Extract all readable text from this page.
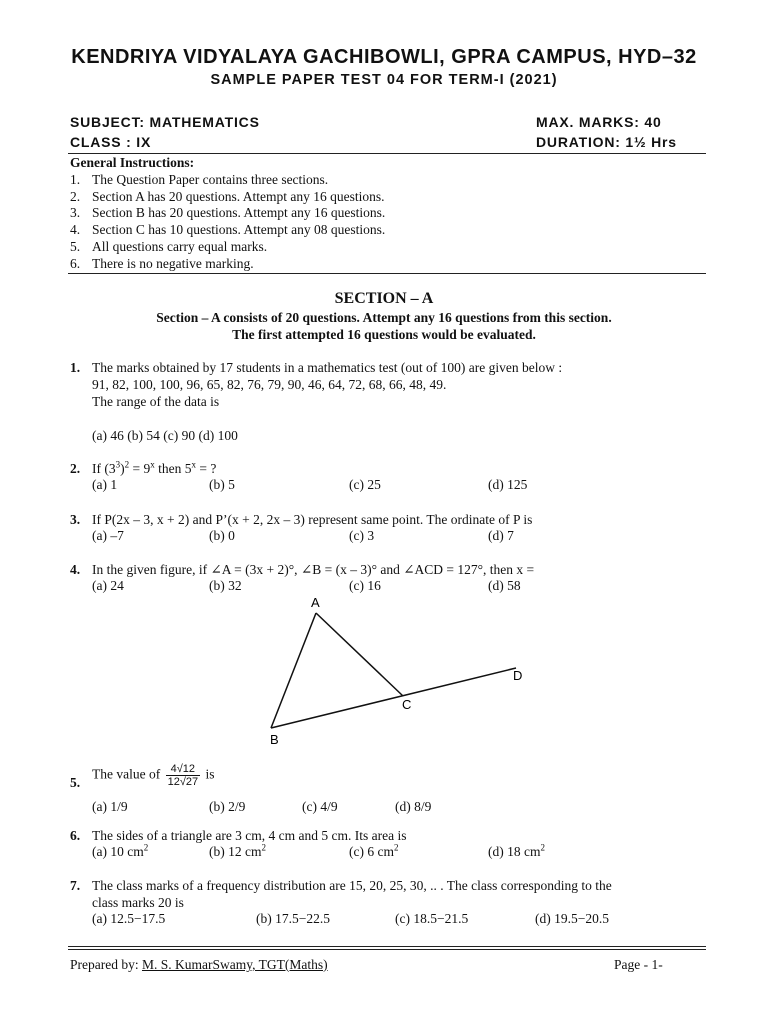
KENDRIYA VIDYALAYA GACHIBOWLI, GPRA CAMPUS, HYD–32
SAMPLE PAPER TEST 04 FOR TERM-I (2021)
SUBJECT: MATHEMATICS	MAX. MARKS: 40
CLASS : IX	DURATION: 1½ Hrs
General Instructions:
1. The Question Paper contains three sections.
2. Section A has 20 questions. Attempt any 16 questions.
3. Section B has 20 questions. Attempt any 16 questions.
4. Section C has 10 questions. Attempt any 08 questions.
5. All questions carry equal marks.
6. There is no negative marking.
SECTION – A
Section – A consists of 20 questions. Attempt any 16 questions from this section.
The first attempted 16 questions would be evaluated.
1. The marks obtained by 17 students in a mathematics test (out of 100) are given below :
91, 82, 100, 100, 96, 65, 82, 76, 79, 90, 46, 64, 72, 68, 66, 48, 49.
The range of the data is
(a) 46 (b) 54 (c) 90 (d) 100
2. If $(3^3)^2 = 9^x$ then $5^x$ = ?
(a) 1	(b) 5	(c) 25	(d) 125
3. If P(2x – 3, x + 2) and P’(x + 2, 2x – 3) represent same point. The ordinate of P is
(a) –7	(b) 0	(c) 3	(d) 7
4. In the given figure, if ∠A = (3x + 2)°, ∠B = (x – 3)° and ∠ACD = 127°, then x =
(a) 24	(b) 32	(c) 16	(d) 58
A
B
C
D
5.
The value of $\frac{4√12}{12√27}$ is
(a) 1/9	(b) 2/9	(c) 4/9	(d) 8/9
6. The sides of a triangle are 3 cm, 4 cm and 5 cm. Its area is
(a) 10 $cm^2$	(b) 12 $cm^2$	(c) 6 $cm^2$	(d) 18 $cm^2$
7. The class marks of a frequency distribution are 15, 20, 25, 30, .. . The class corresponding to the
class marks 20 is
(a) 12.5−17.5	(b) 17.5−22.5	(c) 18.5−21.5	(d) 19.5−20.5
Prepared by: M. S. KumarSwamy, TGT(Maths)	Page - 1-
